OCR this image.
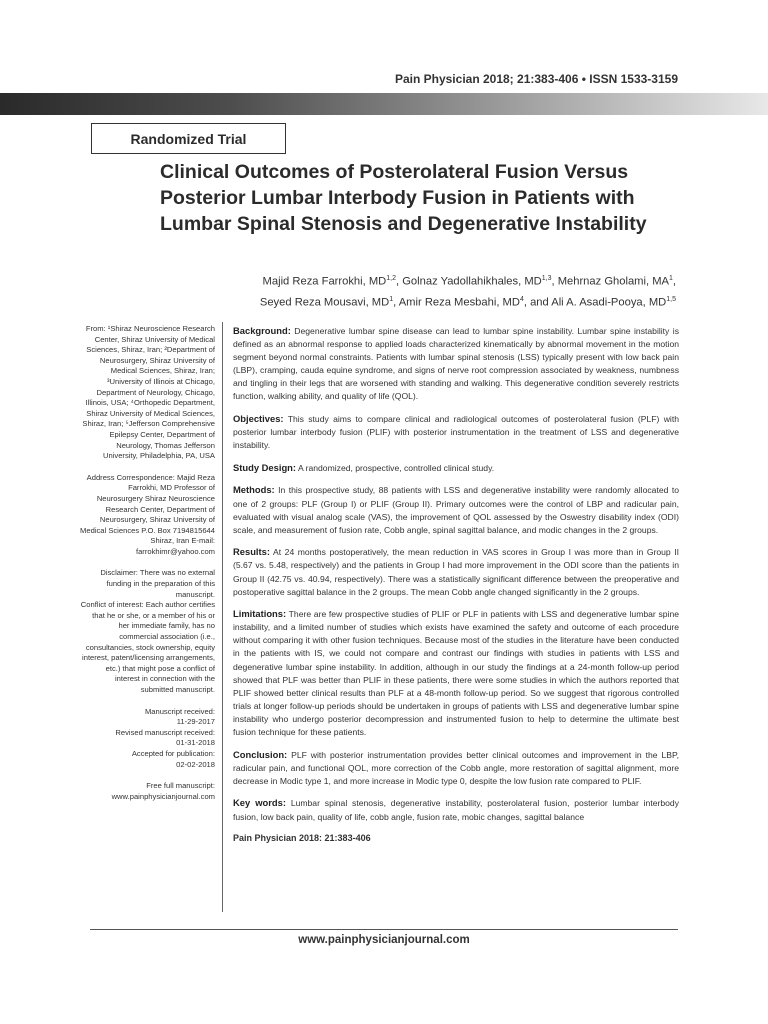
Pain Physician 2018; 21:383-406 • ISSN 1533-3159
Randomized Trial
Clinical Outcomes of Posterolateral Fusion Versus Posterior Lumbar Interbody Fusion in Patients with Lumbar Spinal Stenosis and Degenerative Instability
Majid Reza Farrokhi, MD$^{1,2}$, Golnaz Yadollahikhales, MD$^{1,3}$, Mehrnaz Gholami, $MA^1$,
Seyed Reza Mousavi, $MD^1$, Amir Reza Mesbahi, $MD^4$, and Ali A. Asadi-Pooya, MD$^{1,5}$

From: ¹Shiraz Neuroscience Research Center, Shiraz University of Medical Sciences, Shiraz, Iran; ²Department of Neurosurgery, Shiraz University of Medical Sciences, Shiraz, Iran; ³University of Illinois at Chicago, Department of Neurology, Chicago, Illinois, USA; ⁴Orthopedic Department, Shiraz University of Medical Sciences, Shiraz, Iran; ⁵Jefferson Comprehensive Epilepsy Center, Department of Neurology, Thomas Jefferson University, Philadelphia, PA, USA

Address Correspondence: Majid Reza Farrokhi, MD Professor of Neurosurgery Shiraz Neuroscience Research Center, Department of Neurosurgery, Shiraz University of Medical Sciences P.O. Box 7194815644 Shiraz, Iran E-mail: farrokhimr@yahoo.com

Disclaimer: There was no external funding in the preparation of this manuscript.

Conflict of interest: Each author certifies that he or she, or a member of his or her immediate family, has no commercial association (i.e., consultancies, stock ownership, equity interest, patent/licensing arrangements, etc.) that might pose a conflict of interest in connection with the submitted manuscript.

Manuscript received:

11-29-2017

Revised manuscript received:

01-31-2018

Accepted for publication:

02-02-2018

Free full manuscript: www.painphysicianjournal.com

Background: Degenerative lumbar spine disease can lead to lumbar spine instability. Lumbar spine instability is defined as an abnormal response to applied loads characterized kinematically by abnormal movement in the motion segment beyond normal constraints. Patients with lumbar spinal stenosis (LSS) typically present with low back pain (LBP), cramping, cauda equine syndrome, and signs of nerve root compression associated by weakness, numbness and tingling in their legs that are worsened with standing and walking. This degenerative condition severely restricts function, walking ability, and quality of life (QOL).

Objectives: This study aims to compare clinical and radiological outcomes of posterolateral fusion (PLF) with posterior lumbar interbody fusion (PLIF) with posterior instrumentation in the treatment of LSS and degenerative instability.

Study Design: A randomized, prospective, controlled clinical study.

Methods: In this prospective study, 88 patients with LSS and degenerative instability were randomly allocated to one of 2 groups: PLF (Group I) or PLIF (Group II). Primary outcomes were the control of LBP and radicular pain, evaluated with visual analog scale (VAS), the improvement of QOL assessed by the Oswestry disability index (ODI) scale, and measurement of fusion rate, Cobb angle, spinal sagittal balance, and modic changes in the 2 groups.

Results: At 24 months postoperatively, the mean reduction in VAS scores in Group I was more than in Group II (5.67 vs. 5.48, respectively) and the patients in Group I had more improvement in the ODI score than the patients in Group II (42.75 vs. 40.94, respectively). There was a statistically significant difference between the preoperative and postoperative sagittal balance in the 2 groups. The mean Cobb angle changed significantly in the 2 groups.

Limitations: There are few prospective studies of PLIF or PLF in patients with LSS and degenerative lumbar spine instability, and a limited number of studies which exists have examined the safety and outcome of each procedure without comparing it with other fusion techniques. Because most of the studies in the literature have been conducted in the patients with IS, we could not compare and contrast our findings with studies in patients with LSS and degenerative lumbar spine instability. In addition, although in our study the findings at a 24-month follow-up period showed that PLF was better than PLIF in these patients, there were some studies in which the authors reported that PLIF showed better clinical results than PLF at a 48-month follow-up period. So we suggest that rigorous controlled trials at longer follow-up periods should be undertaken in groups of patients with LSS and degenerative lumbar spine instability who undergo posterior decompression and instrumented fusion to help to determine the ultimate best fusion technique for these patients.

Conclusion: PLF with posterior instrumentation provides better clinical outcomes and improvement in the LBP, radicular pain, and functional QOL, more correction of the Cobb angle, more restoration of sagittal alignment, more decrease in Modic type 1, and more increase in Modic type 0, despite the low fusion rate compared to PLIF.

Key words: Lumbar spinal stenosis, degenerative instability, posterolateral fusion, posterior lumbar interbody fusion, low back pain, quality of life, cobb angle, fusion rate, mobic changes, sagittal balance

Pain Physician 2018: 21:383-406

www.painphysicianjournal.com
